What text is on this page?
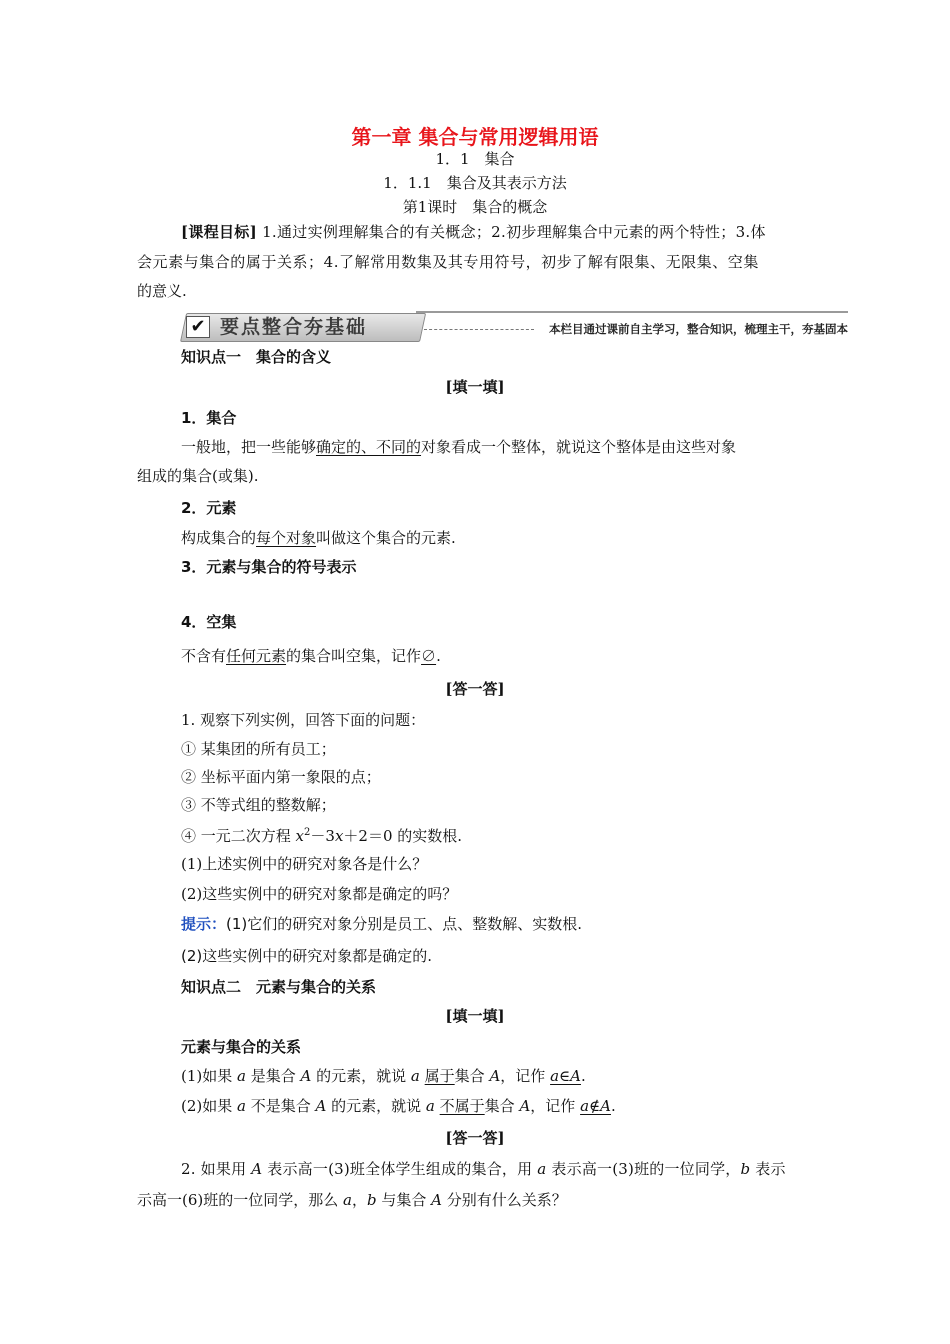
第一章 集合与常用逻辑用语
1．1　集合
1．1.1　集合及其表示方法
第1课时　集合的概念
[课程目标] 1.通过实例理解集合的有关概念；2.初步理解集合中元素的两个特性；3.体
会元素与集合的属于关系；4.了解常用数集及其专用符号，初步了解有限集、无限集、空集
的意义.
✔ 要点整合夯基础	本栏目通过课前自主学习，整合知识，梳理主干，夯基固本
知识点一　集合的含义
[填一填]
1．集合
一般地，把一些能够确定的、不同的对象看成一个整体，就说这个整体是由这些对象
组成的集合(或集).
2．元素
构成集合的每个对象叫做这个集合的元素.
3．元素与集合的符号表示
4．空集
不含有任何元素的集合叫空集，记作∅.
[答一答]
1. 观察下列实例，回答下面的问题：
① 某集团的所有员工；
② 坐标平面内第一象限的点；
③ 不等式组的整数解；
④ 一元二次方程 $x^2-3x+2=0$ 的实数根.
(1)上述实例中的研究对象各是什么？
(2)这些实例中的研究对象都是确定的吗？
提示：(1)它们的研究对象分别是员工、点、整数解、实数根.
(2)这些实例中的研究对象都是确定的.
知识点二　元素与集合的关系
[填一填]
元素与集合的关系
(1)如果 a 是集合 A 的元素，就说 a 属于集合 A，记作 a∈A.
(2)如果 a 不是集合 A 的元素，就说 a 不属于集合 A，记作 a∉A.
[答一答]
2. 如果用 A 表示高一(3)班全体学生组成的集合，用 a 表示高一(3)班的一位同学，b 表示
示高一(6)班的一位同学，那么 a，b 与集合 A 分别有什么关系？
